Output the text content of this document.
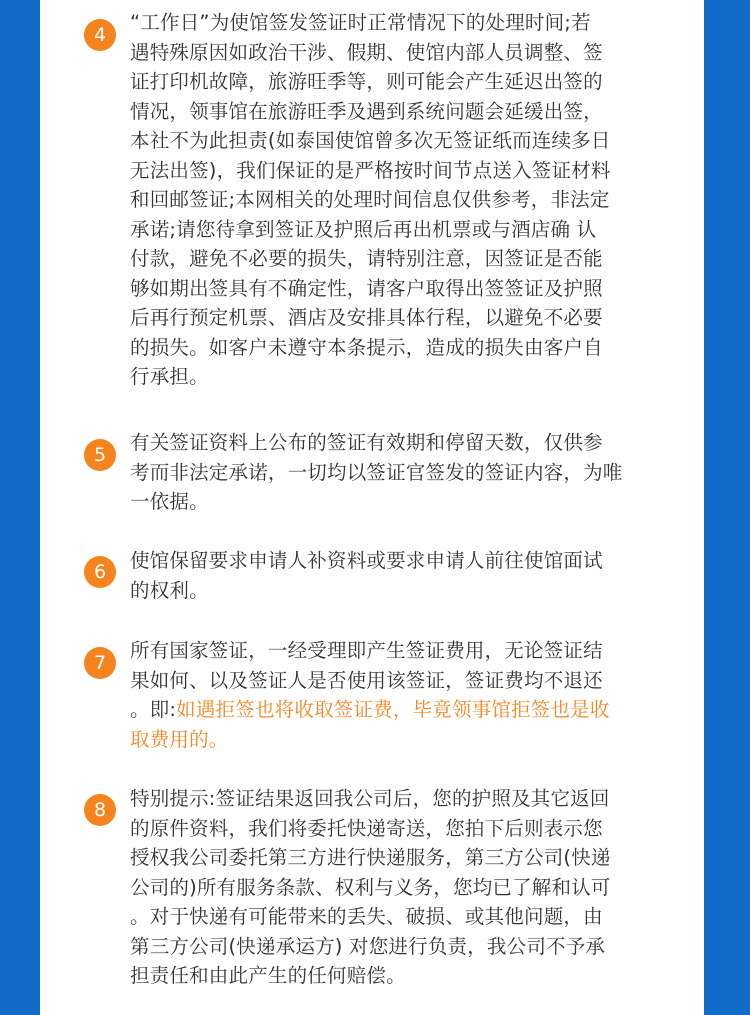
4
“工作日”为使馆签发签证时正常情况下的处理时间;若
遇特殊原因如政治干涉、假期、使馆内部人员调整、签
证打印机故障，旅游旺季等，则可能会产生延迟出签的
情况，领事馆在旅游旺季及遇到系统问题会延缓出签，
本社不为此担责(如泰国使馆曾多次无签证纸而连续多日
无法出签)，我们保证的是严格按时间节点送入签证材料
和回邮签证;本网相关的处理时间信息仅供参考，非法定
承诺;请您待拿到签证及护照后再出机票或与酒店确 认
付款，避免不必要的损失，请特别注意，因签证是否能
够如期出签具有不确定性，请客户取得出签签证及护照
后再行预定机票、酒店及安排具体行程，以避免不必要
的损失。如客户未遵守本条提示，造成的损失由客户自
行承担。
5
有关签证资料上公布的签证有效期和停留天数，仅供参
考而非法定承诺，一切均以签证官签发的签证内容，为唯
一依据。
6	使馆保留要求申请人补资料或要求申请人前往使馆面试
的权利。
7
所有国家签证，一经受理即产生签证费用，无论签证结
果如何、以及签证人是否使用该签证，签证费均不退还
。即:如遇拒签也将收取签证费，毕竟领事馆拒签也是收
取费用的。
8	特别提示:签证结果返回我公司后，您的护照及其它返回
的原件资料，我们将委托快递寄送，您拍下后则表示您
授权我公司委托第三方进行快递服务，第三方公司(快递
公司的)所有服务条款、权利与义务，您均已了解和认可
。对于快递有可能带来的丢失、破损、或其他问题，由
第三方公司(快递承运方) 对您进行负责，我公司不予承
担责任和由此产生的任何赔偿。
